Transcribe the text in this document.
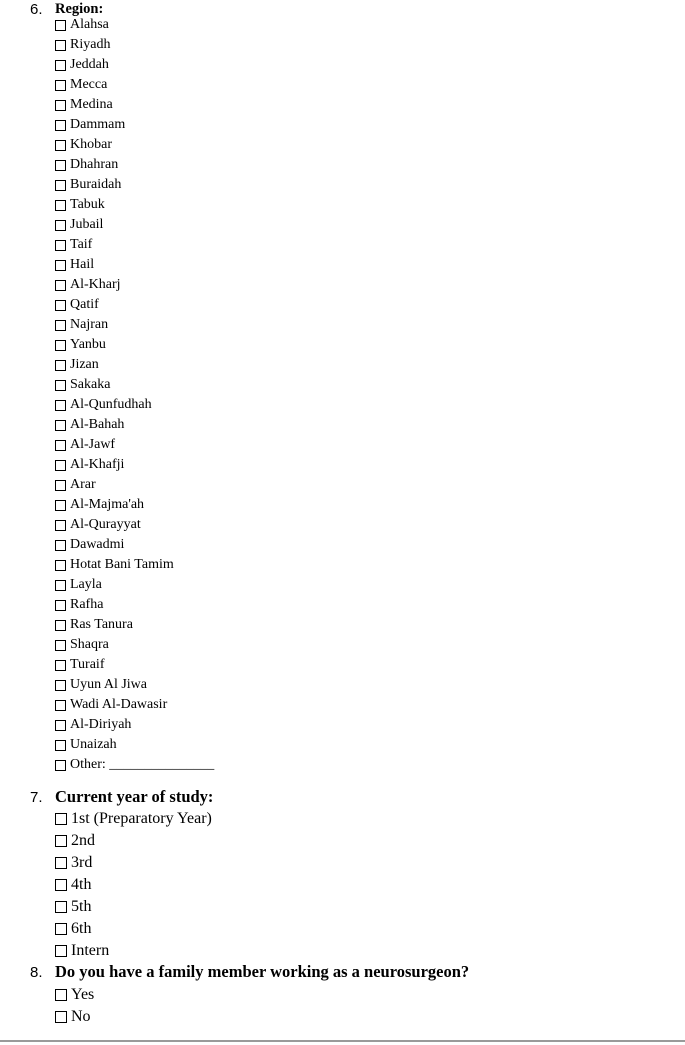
6. Region:
Alahsa
Riyadh
Jeddah
Mecca
Medina
Dammam
Khobar
Dhahran
Buraidah
Tabuk
Jubail
Taif
Hail
Al-Kharj
Qatif
Najran
Yanbu
Jizan
Sakaka
Al-Qunfudhah
Al-Bahah
Al-Jawf
Al-Khafji
Arar
Al-Majma'ah
Al-Qurayyat
Dawadmi
Hotat Bani Tamim
Layla
Rafha
Ras Tanura
Shaqra
Turaif
Uyun Al Jiwa
Wadi Al-Dawasir
Al-Diriyah
Unaizah
Other: _______________
7. Current year of study:
1st (Preparatory Year)
2nd
3rd
4th
5th
6th
Intern
8. Do you have a family member working as a neurosurgeon?
Yes
No
